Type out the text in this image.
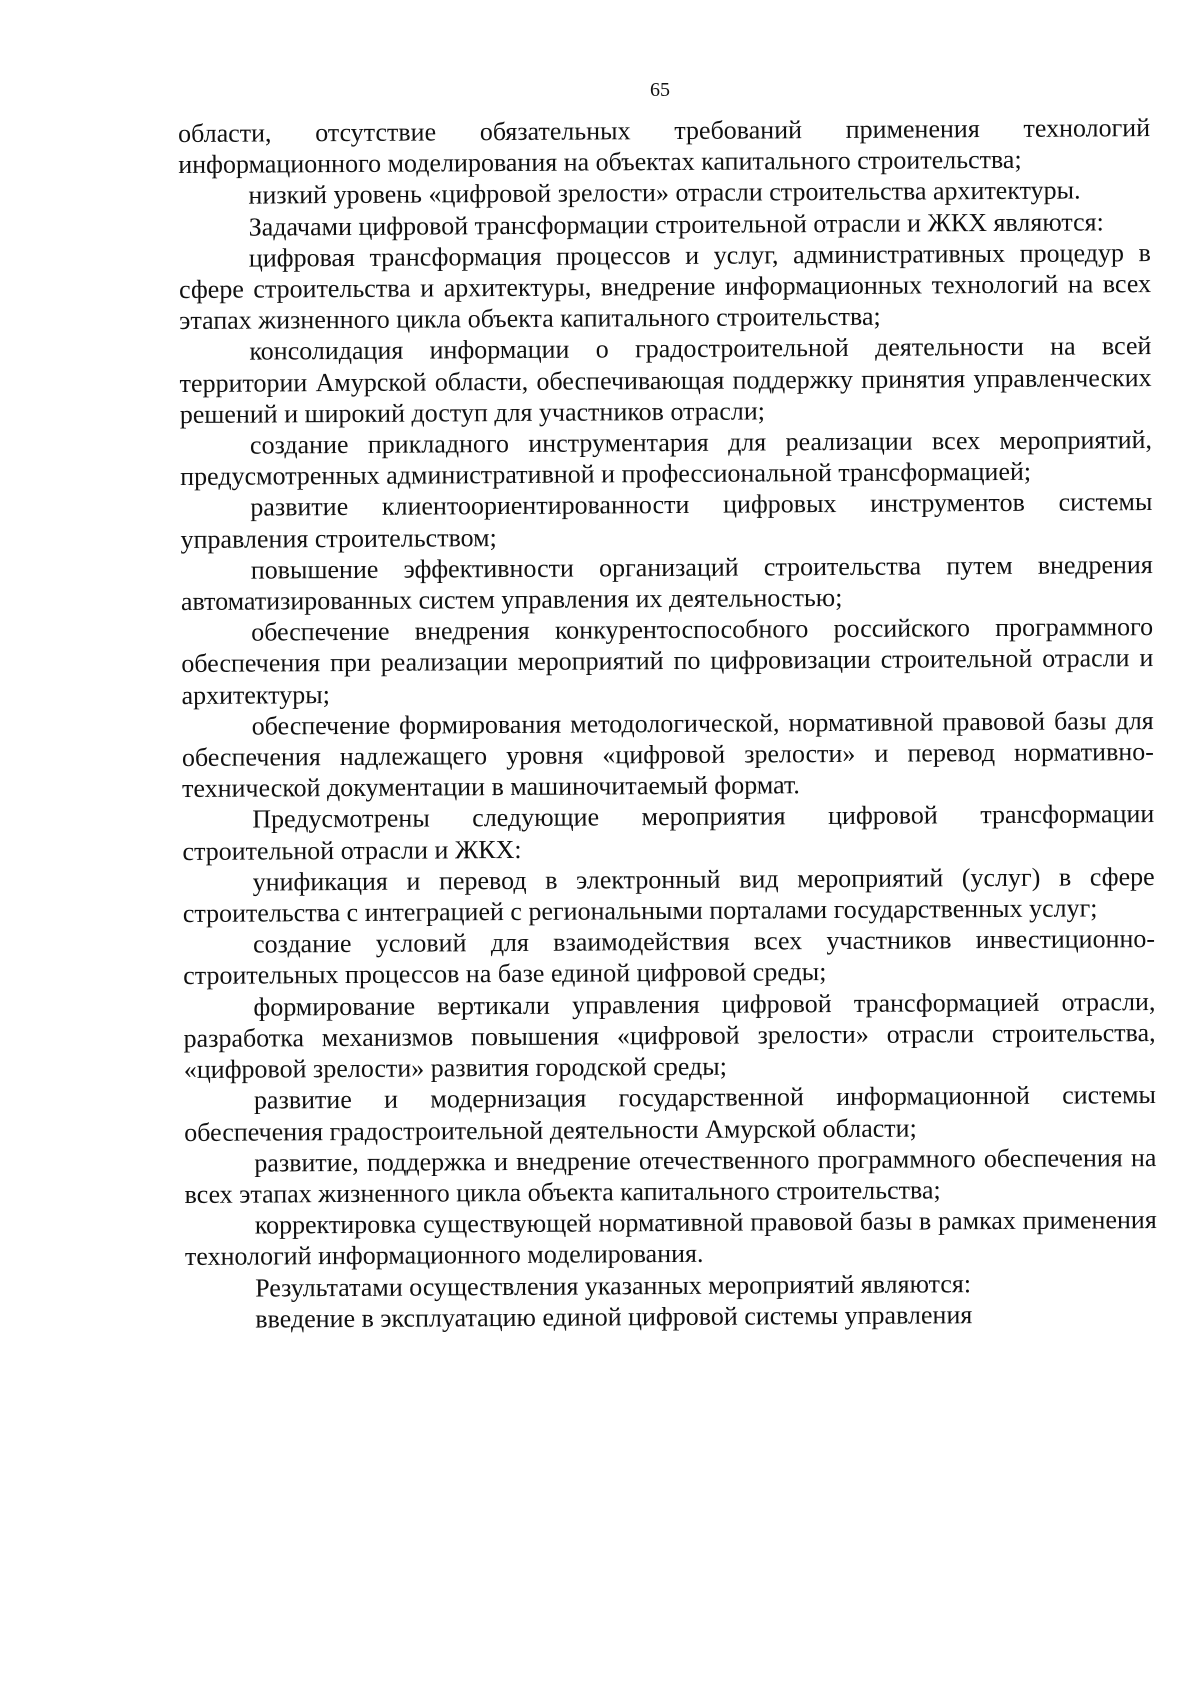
65

области, отсутствие обязательных требований применения технологий информационного моделирования на объектах капитального строительства;

низкий уровень «цифровой зрелости» отрасли строительства архитектуры.

Задачами цифровой трансформации строительной отрасли и ЖКХ являются:

цифровая трансформация процессов и услуг, административных процедур в сфере строительства и архитектуры, внедрение информационных технологий на всех этапах жизненного цикла объекта капитального строительства;

консолидация информации о градостроительной деятельности на всей территории Амурской области, обеспечивающая поддержку принятия управленческих решений и широкий доступ для участников отрасли;

создание прикладного инструментария для реализации всех мероприятий, предусмотренных административной и профессиональной трансформацией;

развитие клиентоориентированности цифровых инструментов системы управления строительством;

повышение эффективности организаций строительства путем внедрения автоматизированных систем управления их деятельностью;

обеспечение внедрения конкурентоспособного российского программного обеспечения при реализации мероприятий по цифровизации строительной отрасли и архитектуры;

обеспечение формирования методологической, нормативной правовой базы для обеспечения надлежащего уровня «цифровой зрелости» и перевод нормативно-технической документации в машиночитаемый формат.

Предусмотрены следующие мероприятия цифровой трансформации строительной отрасли и ЖКХ:

унификация и перевод в электронный вид мероприятий (услуг) в сфере строительства с интеграцией с региональными порталами государственных услуг;

создание условий для взаимодействия всех участников инвестиционно-строительных процессов на базе единой цифровой среды;

формирование вертикали управления цифровой трансформацией отрасли, разработка механизмов повышения «цифровой зрелости» отрасли строительства, «цифровой зрелости» развития городской среды;

развитие и модернизация государственной информационной системы обеспечения градостроительной деятельности Амурской области;

развитие, поддержка и внедрение отечественного программного обеспечения на всех этапах жизненного цикла объекта капитального строительства;

корректировка существующей нормативной правовой базы в рамках применения технологий информационного моделирования.

Результатами осуществления указанных мероприятий являются:

введение в эксплуатацию единой цифровой системы управления
